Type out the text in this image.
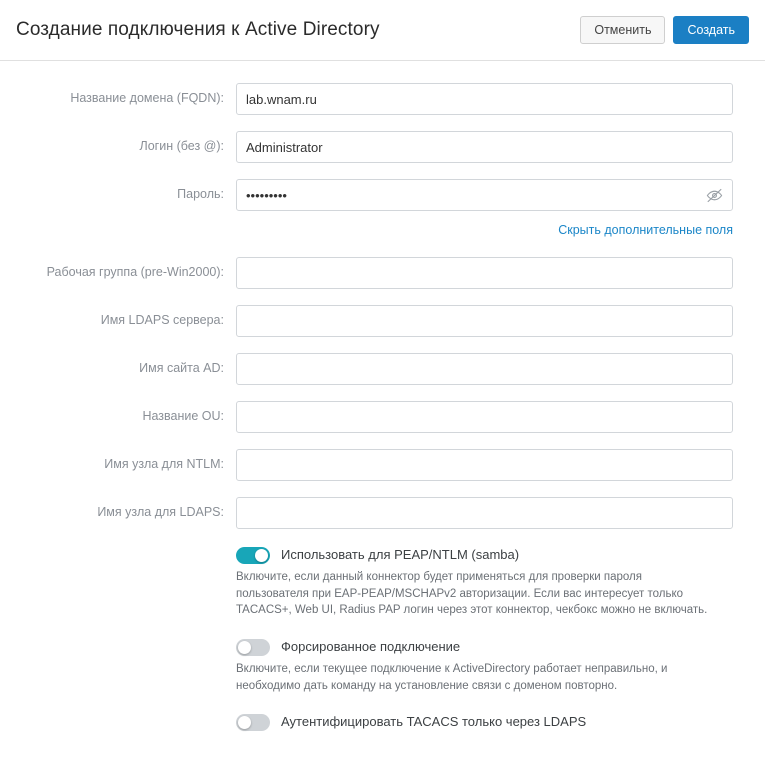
Создание подключения к Active Directory	Отменить	Создать
Название домена (FQDN):
lab.wnam.ru
Логин (без @):
Administrator
Пароль:
•••••••••
Скрыть дополнительные поля
Рабочая группа (pre-Win2000):
Имя LDAPS сервера:
Имя сайта AD:
Название OU:
Имя узла для NTLM:
Имя узла для LDAPS:
Использовать для PEAP/NTLM (samba)
Включите, если данный коннектор будет применяться для проверки пароля пользователя при EAP-PEAP/MSCHAPv2 авторизации. Если вас интересует только TACACS+, Web UI, Radius PAP логин через этот коннектор, чекбокс можно не включать.
Форсированное подключение
Включите, если текущее подключение к ActiveDirectory работает неправильно, и необходимо дать команду на установление связи с доменом повторно.
Аутентифицировать TACACS только через LDAPS
